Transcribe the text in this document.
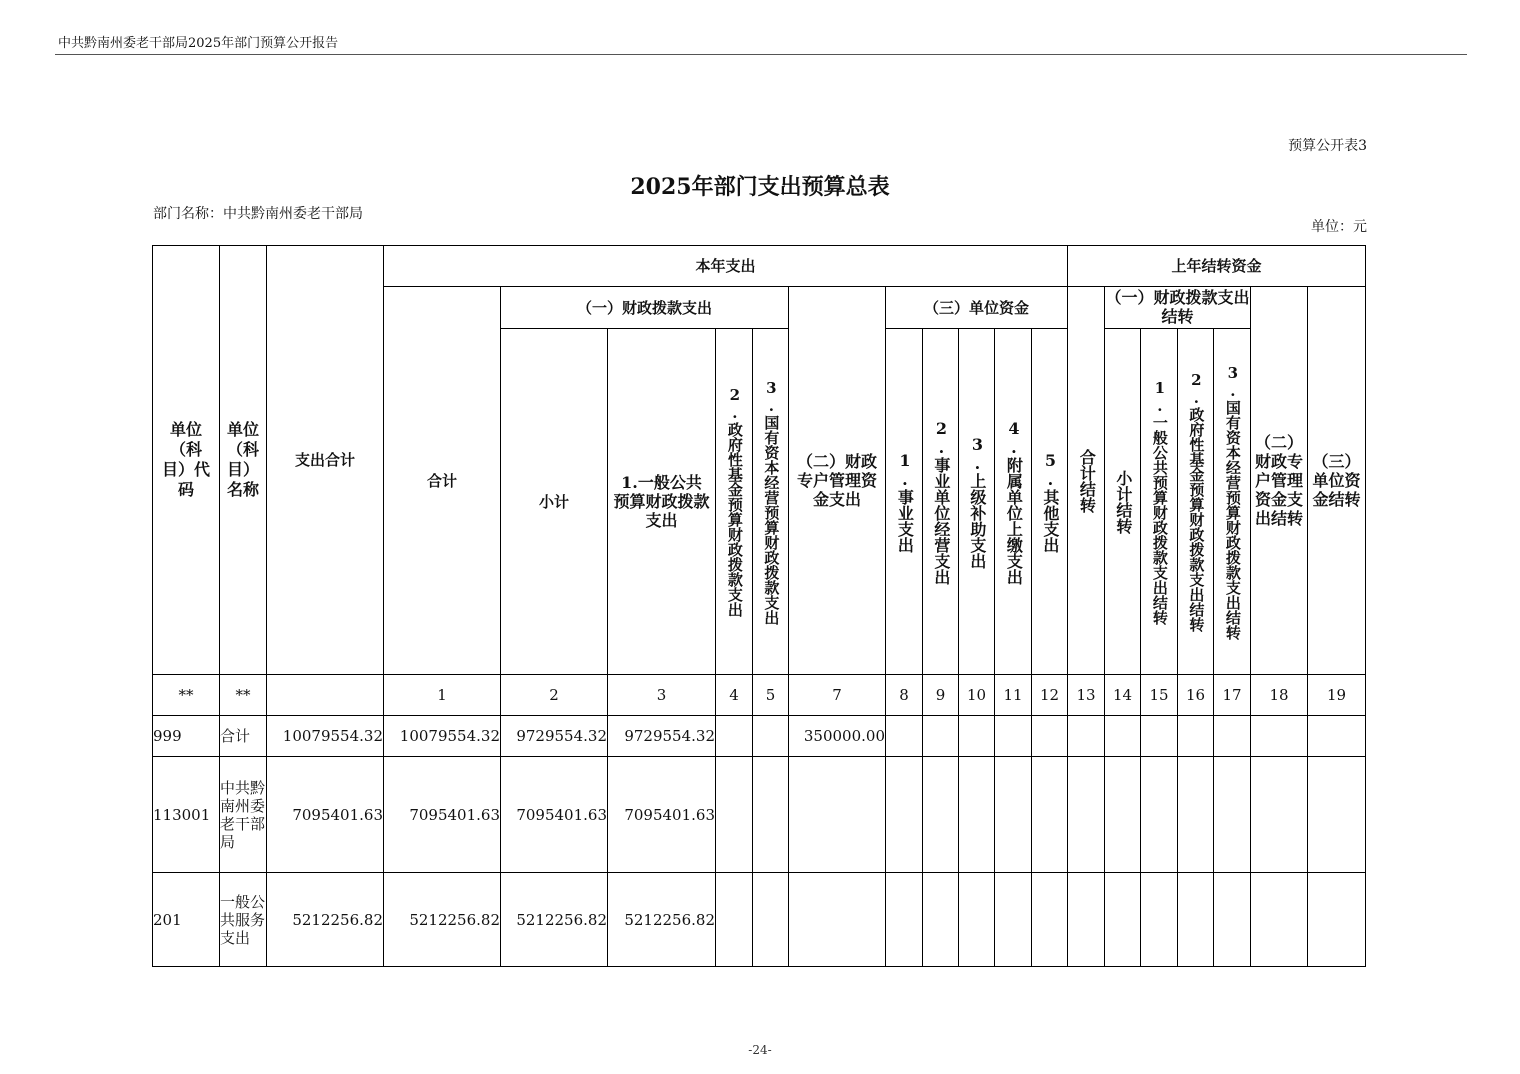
中共黔南州委老干部局2025年部门预算公开报告
预算公开表3
2025年部门支出预算总表
部门名称：中共黔南州委老干部局
单位：元
单位（科目）代码	单位（科目）名称	支出合计	本年支出											上年结转资金						
			合计	（一）财政拨款支出				（二）财政专户管理资金支出	（三）单位资金					合计结转	（一）财政拨款支出结转				（二）财政专户管理资金支出结转	（三）单位资金结转

				小计	1.一般公共预算财政拨款支出	2.政府性基金预算财政拨款支出	3.国有资本经营预算财政拨款支出		1.事业支出	2.事业单位经营支出	3.上级补助支出	4.附属单位上缴支出	5.其他支出		小计结转	1.一般公共预算财政拨款支出结转	2.政府性基金预算财政拨款支出结转	3.国有资本经营预算财政拨款支出结转		

**	**		1	2	3	4	5	7	8	9	10	11	12	13	14	15	16	17	18	19
999	合计	10079554.32	10079554.32	9729554.32	9729554.32			350000.00												
113001	中共黔南州委老干部局	7095401.63	7095401.63	7095401.63	7095401.63															
201	一般公共服务支出	5212256.82	5212256.82	5212256.82	5212256.82															
-24-
